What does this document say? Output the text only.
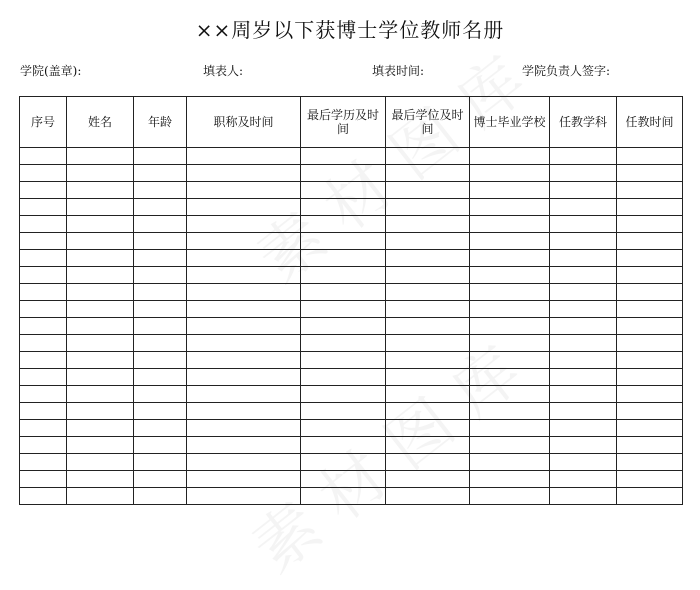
××周岁以下获博士学位教师名册
学院(盖章):	填表人:	填表时间:	学院负责人签字:
序号	姓名	年龄	职称及时间	最后学历及时间	最后学位及时间	博士毕业学校	任教学科	任教时间
